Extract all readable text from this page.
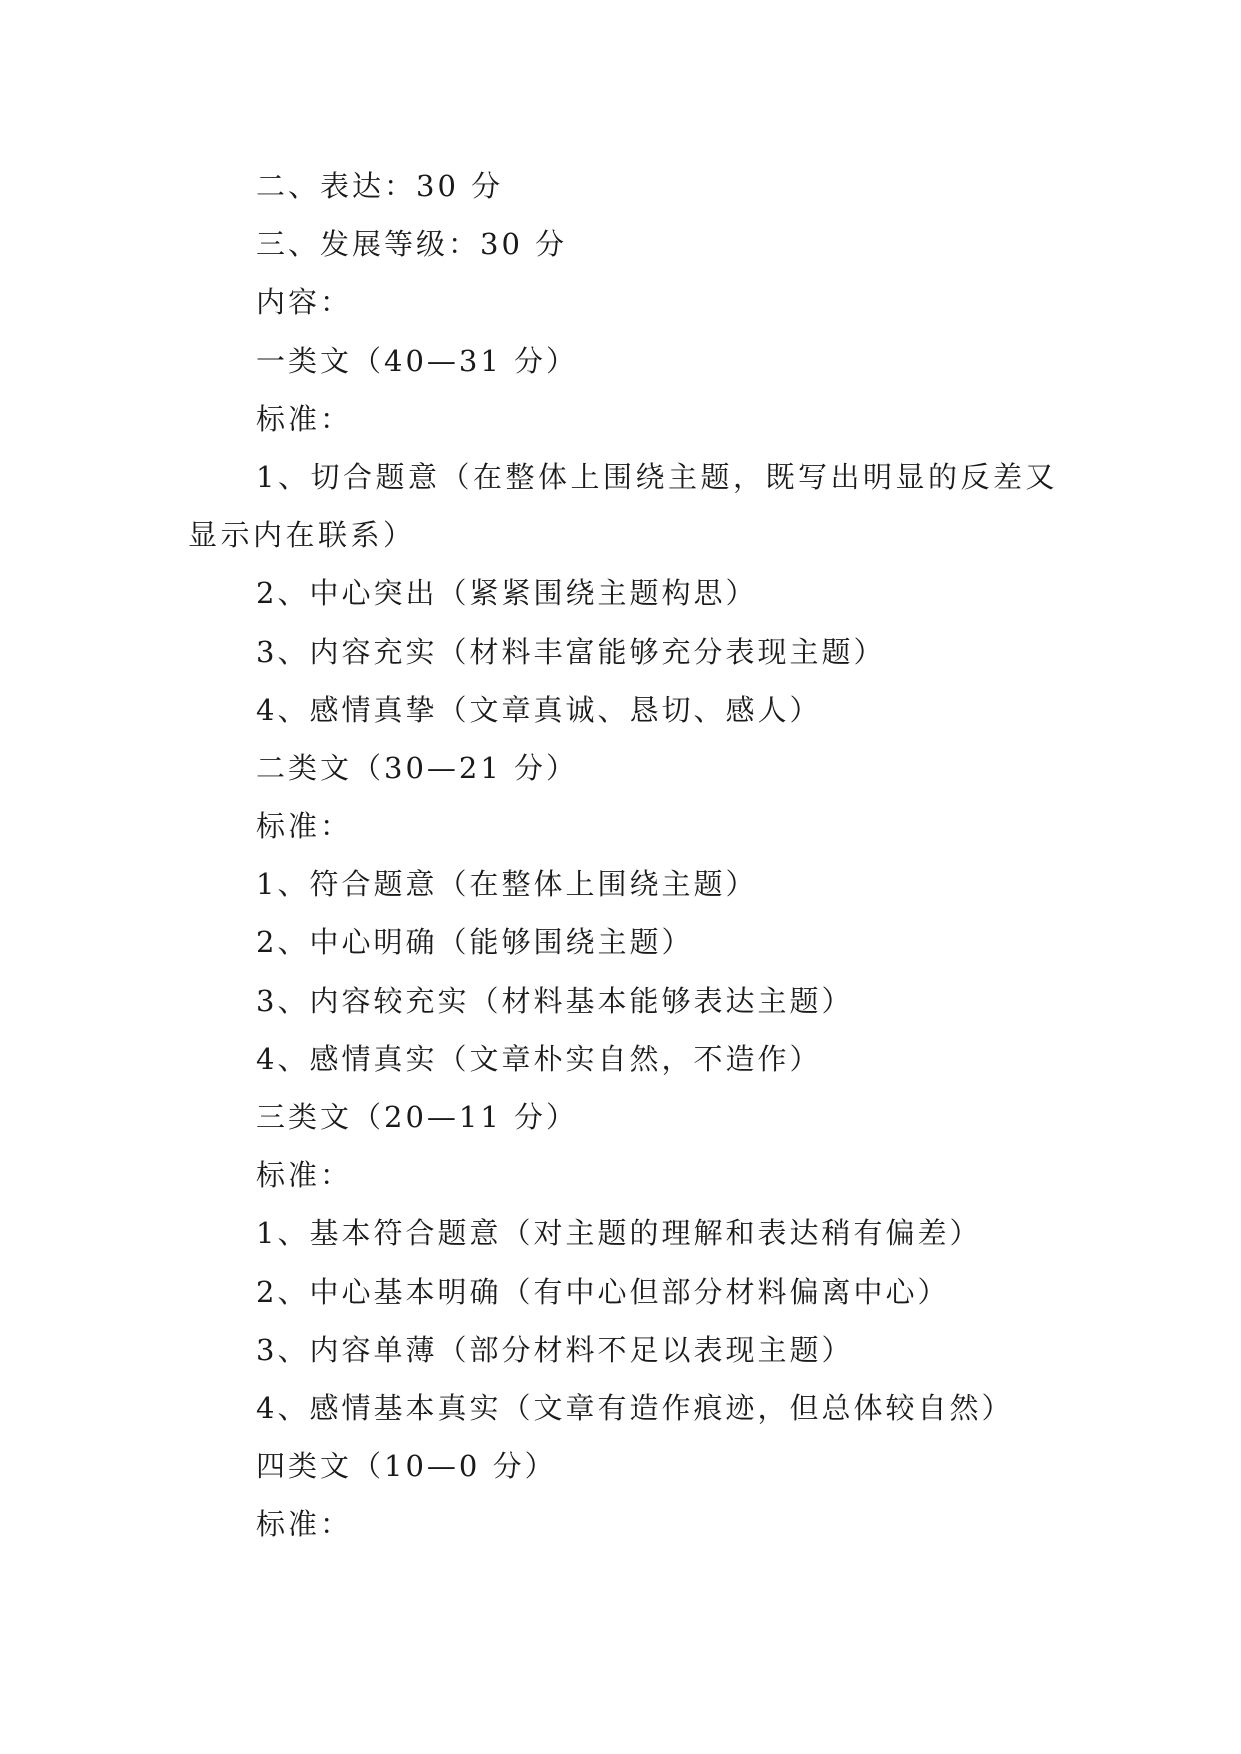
二、表达：30 分
三、发展等级：30 分
内容：
一类文（40—31 分）
标准：
1、切合题意（在整体上围绕主题，既写出明显的反差又显示内在联系）
2、中心突出（紧紧围绕主题构思）
3、内容充实（材料丰富能够充分表现主题）
4、感情真挚（文章真诚、恳切、感人）
二类文（30—21 分）
标准：
1、符合题意（在整体上围绕主题）
2、中心明确（能够围绕主题）
3、内容较充实（材料基本能够表达主题）
4、感情真实（文章朴实自然，不造作）
三类文（20—11 分）
标准：
1、基本符合题意（对主题的理解和表达稍有偏差）
2、中心基本明确（有中心但部分材料偏离中心）
3、内容单薄（部分材料不足以表现主题）
4、感情基本真实（文章有造作痕迹，但总体较自然）
四类文（10—0 分）
标准：
